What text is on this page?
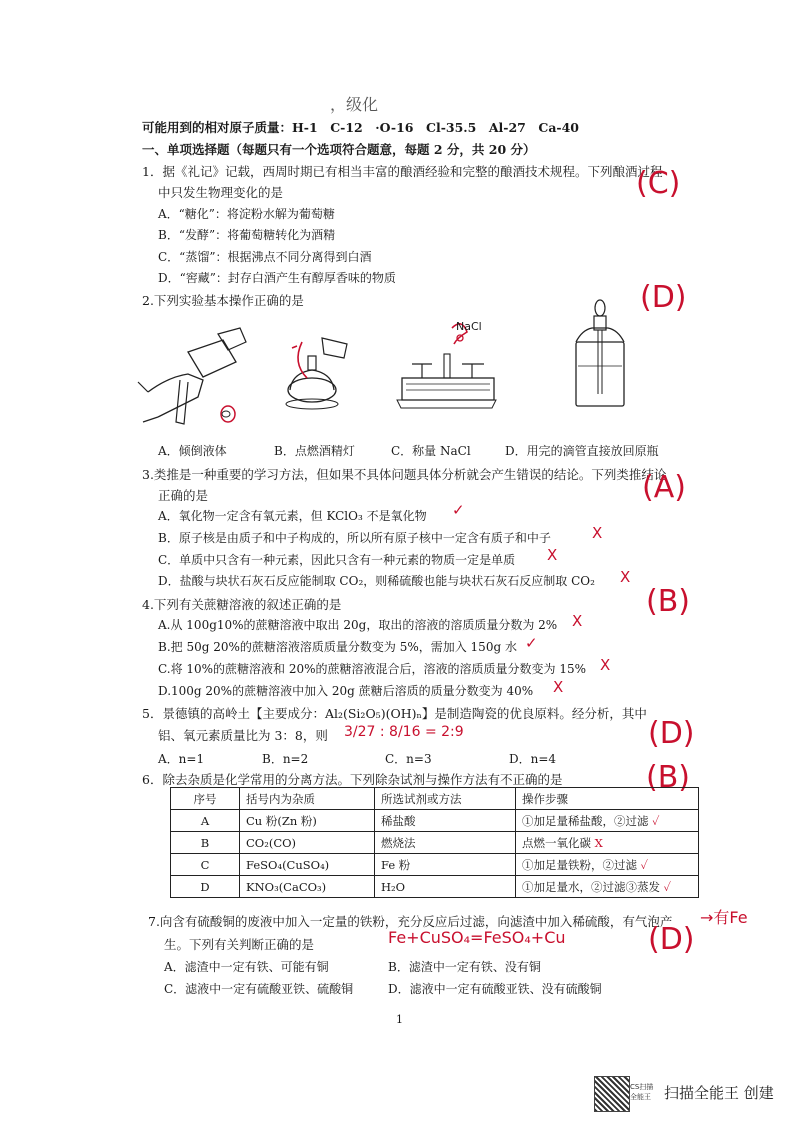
，级化
可能用到的相对原子质量：H-1　C-12　·O-16　Cl-35.5　Al-27　Ca-40
一、单项选择题（每题只有一个选项符合题意，每题 2 分，共 20 分）
1．据《礼记》记载，西周时期已有相当丰富的酿酒经验和完整的酿酒技术规程。下列酿酒过程
中只发生物理变化的是
A．“糖化”：将淀粉水解为葡萄糖
B．“发酵”：将葡萄糖转化为酒精
C．“蒸馏”：根据沸点不同分离得到白酒
D．“窖藏”：封存白酒产生有醇厚香味的物质
(C)
2.下列实验基本操作正确的是	(D)
NaCl
A．倾倒液体	B．点燃酒精灯	C．称量 NaCl	D．用完的滴管直接放回原瓶
3.类推是一种重要的学习方法，但如果不具体问题具体分析就会产生错误的结论。下列类推结论
正确的是	(A)
A．氧化物一定含有氧元素，但 KClO₃ 不是氧化物
B．原子核是由质子和中子构成的，所以所有原子核中一定含有质子和中子
C．单质中只含有一种元素，因此只含有一种元素的物质一定是单质
D．盐酸与块状石灰石反应能制取 CO₂，则稀硫酸也能与块状石灰石反应制取 CO₂
✓
X
X
X
4.下列有关蔗糖溶液的叙述正确的是	(B)
A.从 100g10%的蔗糖溶液中取出 20g，取出的溶液的溶质质量分数为 2%
B.把 50g 20%的蔗糖溶液溶质质量分数变为 5%，需加入 150g 水
C.将 10%的蔗糖溶液和 20%的蔗糖溶液混合后，溶液的溶质质量分数变为 15%
D.100g 20%的蔗糖溶液中加入 20g 蔗糖后溶质的质量分数变为 40%
X
✓
X
X
5．景德镇的高岭土【主要成分：Al₂(Si₂O₅)(OH)ₙ】是制造陶瓷的优良原料。经分析，其中
铝、氧元素质量比为 3：8，则 3/27 : 8/16 = 2:9	(D)
A．n=1	B．n=2	C．n=3	D．n=4
6．除去杂质是化学常用的分离方法。下列除杂试剂与操作方法有不正确的是	(B)
序号	括号内为杂质	所选试剂或方法	操作步骤
A	Cu 粉(Zn 粉)	稀盐酸	①加足量稀盐酸，②过滤 ✓
B	CO₂(CO)	燃烧法	点燃一氧化碳 X
C	FeSO₄(CuSO₄)	Fe 粉	①加足量铁粉，②过滤 ✓
D	KNO₃(CaCO₃)	H₂O	①加足量水，②过滤③蒸发 ✓
7.向含有硫酸铜的废液中加入一定量的铁粉，充分反应后过滤，向滤渣中加入稀硫酸，有气泡产 →有Fe
生。下列有关判断正确的是	Fe+CuSO₄=FeSO₄+Cu	(D)
A．滤渣中一定有铁、可能有铜	B．滤渣中一定有铁、没有铜
C．滤液中一定有硫酸亚铁、硫酸铜	D．滤液中一定有硫酸亚铁、没有硫酸铜
1
CS扫描全能王 扫描全能王 创建
